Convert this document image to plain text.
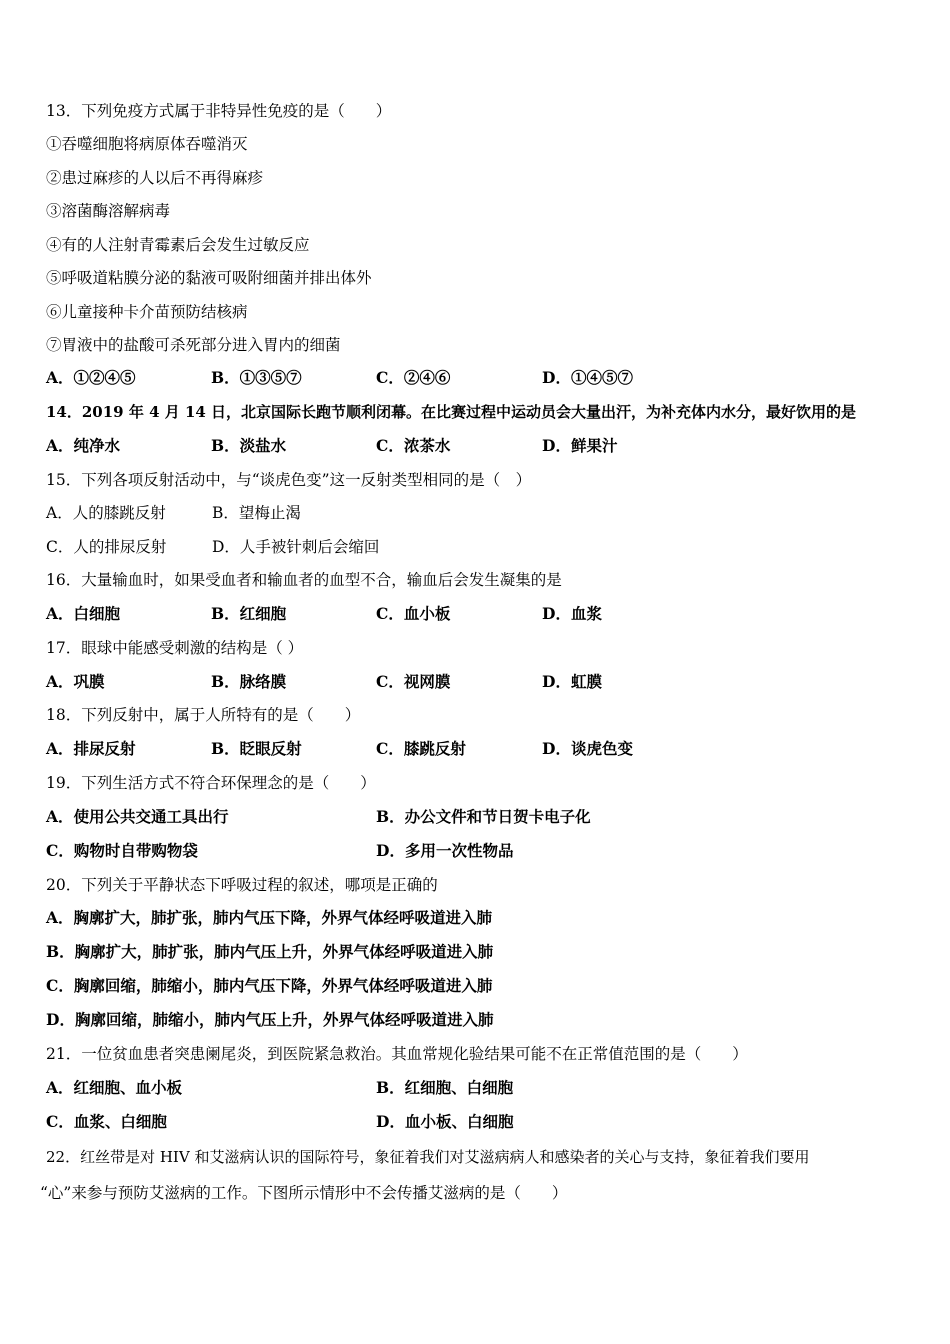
13．下列免疫方式属于非特异性免疫的是（　　）
①吞噬细胞将病原体吞噬消灭
②患过麻疹的人以后不再得麻疹
③溶菌酶溶解病毒
④有的人注射青霉素后会发生过敏反应
⑤呼吸道粘膜分泌的黏液可吸附细菌并排出体外
⑥儿童接种卡介苗预防结核病
⑦胃液中的盐酸可杀死部分进入胃内的细菌
A．①②④⑤	B．①③⑤⑦	C．②④⑥	D．①④⑤⑦
14．2019 年 4 月 14 日，北京国际长跑节顺利闭幕。在比赛过程中运动员会大量出汗，为补充体内水分，最好饮用的是
A．纯净水	B．淡盐水	C．浓茶水	D．鲜果汁
15．下列各项反射活动中，与“谈虎色变”这一反射类型相同的是（　）
A．人的膝跳反射	B．望梅止渴
C．人的排尿反射	D．人手被针刺后会缩回
16．大量输血时，如果受血者和输血者的血型不合，输血后会发生凝集的是
A．白细胞	B．红细胞	C．血小板	D．血浆
17．眼球中能感受刺激的结构是（ ）
A．巩膜	B．脉络膜	C．视网膜	D．虹膜
18．下列反射中，属于人所特有的是（　　）
A．排尿反射	B．眨眼反射	C．膝跳反射	D．谈虎色变
19．下列生活方式不符合环保理念的是（　　）
A．使用公共交通工具出行	B．办公文件和节日贺卡电子化
C．购物时自带购物袋	D．多用一次性物品
20．下列关于平静状态下呼吸过程的叙述，哪项是正确的
A．胸廓扩大，肺扩张，肺内气压下降，外界气体经呼吸道进入肺
B．胸廓扩大，肺扩张，肺内气压上升，外界气体经呼吸道进入肺
C．胸廓回缩，肺缩小，肺内气压下降，外界气体经呼吸道进入肺
D．胸廓回缩，肺缩小，肺内气压上升，外界气体经呼吸道进入肺
21．一位贫血患者突患阑尾炎，到医院紧急救治。其血常规化验结果可能不在正常值范围的是（　　）
A．红细胞、血小板	B．红细胞、白细胞
C．血浆、白细胞	D．血小板、白细胞
22．红丝带是对 HIV 和艾滋病认识的国际符号，象征着我们对艾滋病病人和感染者的关心与支持，象征着我们要用
“心”来参与预防艾滋病的工作。下图所示情形中不会传播艾滋病的是（　　）
